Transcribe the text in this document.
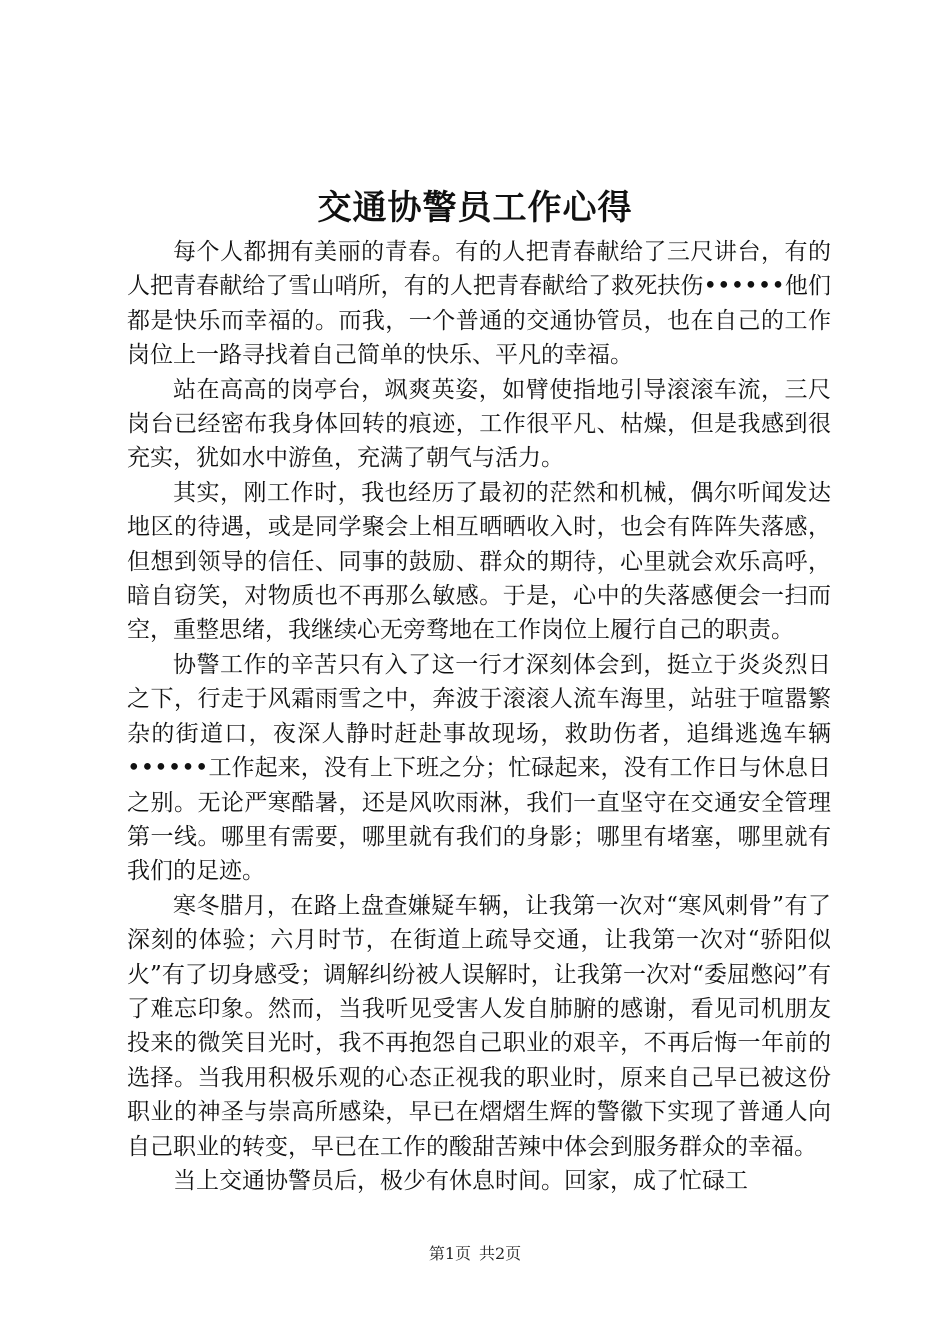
交通协警员工作心得

每个人都拥有美丽的青春。有的人把青春献给了三尺讲台，有的人把青春献给了雪山哨所，有的人把青春献给了救死扶伤••••••他们都是快乐而幸福的。而我，一个普通的交通协管员，也在自己的工作岗位上一路寻找着自己简单的快乐、平凡的幸福。

站在高高的岗亭台，飒爽英姿，如臂使指地引导滚滚车流，三尺岗台已经密布我身体回转的痕迹，工作很平凡、枯燥，但是我感到很充实，犹如水中游鱼，充满了朝气与活力。

其实，刚工作时，我也经历了最初的茫然和机械，偶尔听闻发达地区的待遇，或是同学聚会上相互晒晒收入时，也会有阵阵失落感，但想到领导的信任、同事的鼓励、群众的期待，心里就会欢乐高呼，暗自窃笑，对物质也不再那么敏感。于是，心中的失落感便会一扫而空，重整思绪，我继续心无旁骛地在工作岗位上履行自己的职责。

协警工作的辛苦只有入了这一行才深刻体会到，挺立于炎炎烈日之下，行走于风霜雨雪之中，奔波于滚滚人流车海里，站驻于喧嚣繁杂的街道口，夜深人静时赶赴事故现场，救助伤者，追缉逃逸车辆••••••工作起来，没有上下班之分；忙碌起来，没有工作日与休息日之别。无论严寒酷暑，还是风吹雨淋，我们一直坚守在交通安全管理第一线。哪里有需要，哪里就有我们的身影；哪里有堵塞，哪里就有我们的足迹。

寒冬腊月，在路上盘查嫌疑车辆，让我第一次对“寒风刺骨”有了深刻的体验；六月时节，在街道上疏导交通，让我第一次对“骄阳似火”有了切身感受；调解纠纷被人误解时，让我第一次对“委屈憋闷”有了难忘印象。然而，当我听见受害人发自肺腑的感谢，看见司机朋友投来的微笑目光时，我不再抱怨自己职业的艰辛，不再后悔一年前的选择。当我用积极乐观的心态正视我的职业时，原来自己早已被这份职业的神圣与崇高所感染，早已在熠熠生辉的警徽下实现了普通人向自己职业的转变，早已在工作的酸甜苦辣中体会到服务群众的幸福。

当上交通协警员后，极少有休息时间。回家，成了忙碌工

第1页 共2页
